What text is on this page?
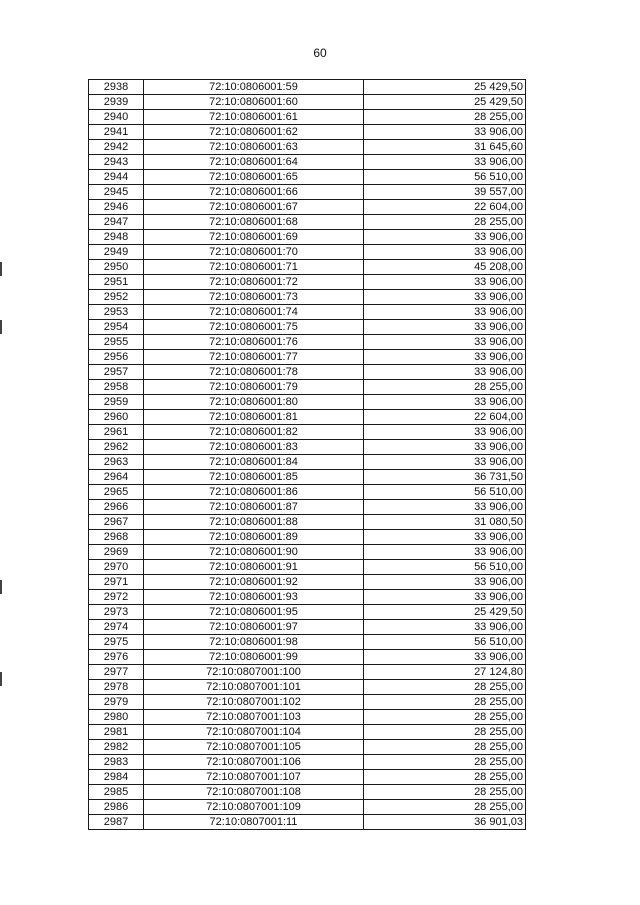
60
2938	72:10:0806001:59	25 429,50
2939	72:10:0806001:60	25 429,50
2940	72:10:0806001:61	28 255,00
2941	72:10:0806001:62	33 906,00
2942	72:10:0806001:63	31 645,60
2943	72:10:0806001:64	33 906,00
2944	72:10:0806001:65	56 510,00
2945	72:10:0806001:66	39 557,00
2946	72:10:0806001:67	22 604,00
2947	72:10:0806001:68	28 255,00
2948	72:10:0806001:69	33 906,00
2949	72:10:0806001:70	33 906,00
2950	72:10:0806001:71	45 208,00
2951	72:10:0806001:72	33 906,00
2952	72:10:0806001:73	33 906,00
2953	72:10:0806001:74	33 906,00
2954	72:10:0806001:75	33 906,00
2955	72:10:0806001:76	33 906,00
2956	72:10:0806001:77	33 906,00
2957	72:10:0806001:78	33 906,00
2958	72:10:0806001:79	28 255,00
2959	72:10:0806001:80	33 906,00
2960	72:10:0806001:81	22 604,00
2961	72:10:0806001:82	33 906,00
2962	72:10:0806001:83	33 906,00
2963	72:10:0806001:84	33 906,00
2964	72:10:0806001:85	36 731,50
2965	72:10:0806001:86	56 510,00
2966	72:10:0806001:87	33 906,00
2967	72:10:0806001:88	31 080,50
2968	72:10:0806001:89	33 906,00
2969	72:10:0806001:90	33 906,00
2970	72:10:0806001:91	56 510,00
2971	72:10:0806001:92	33 906,00
2972	72:10:0806001:93	33 906,00
2973	72:10:0806001:95	25 429,50
2974	72:10:0806001:97	33 906,00
2975	72:10:0806001:98	56 510,00
2976	72:10:0806001:99	33 906,00
2977	72:10:0807001:100	27 124,80
2978	72:10:0807001:101	28 255,00
2979	72:10:0807001:102	28 255,00
2980	72:10:0807001:103	28 255,00
2981	72:10:0807001:104	28 255,00
2982	72:10:0807001:105	28 255,00
2983	72:10:0807001:106	28 255,00
2984	72:10:0807001:107	28 255,00
2985	72:10:0807001:108	28 255,00
2986	72:10:0807001:109	28 255,00
2987	72:10:0807001:11	36 901,03
